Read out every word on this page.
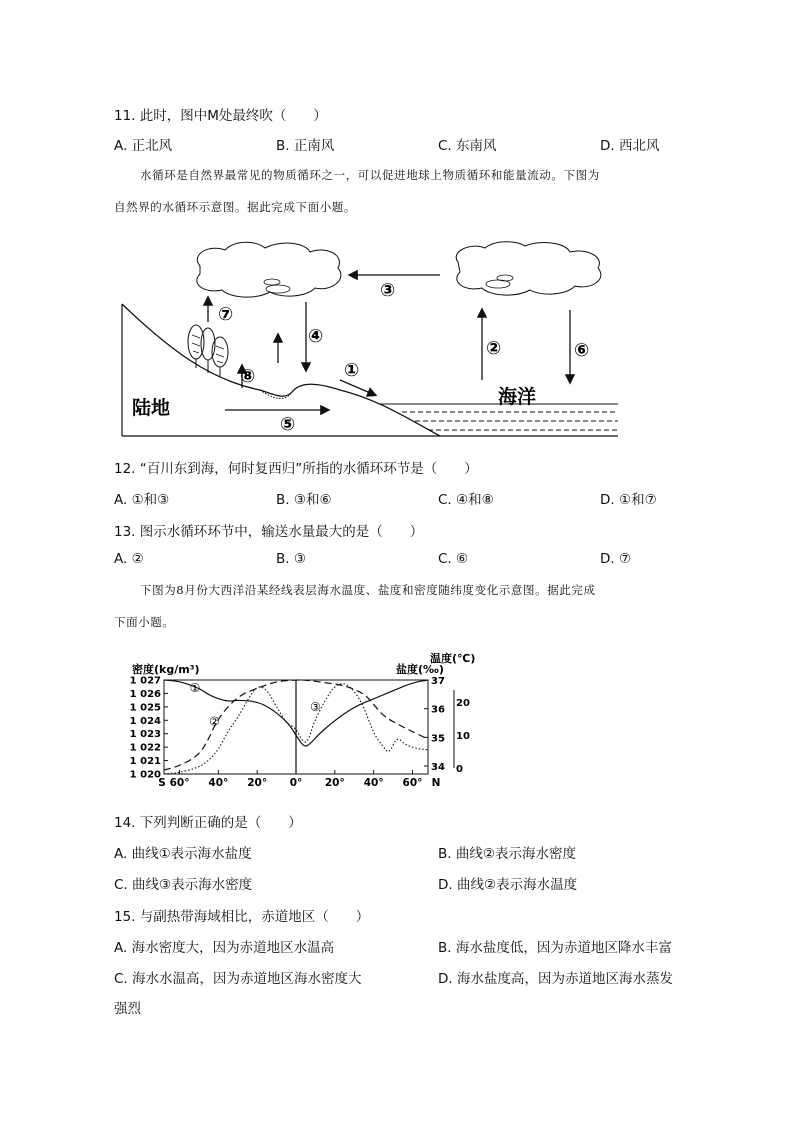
11. 此时，图中M处最终吹（　　）
A. 正北风	B. 正南风	C. 东南风	D. 西北风
水循环是自然界最常见的物质循环之一，可以促进地球上物质循环和能量流动。下图为
自然界的水循环示意图。据此完成下面小题。
⑦
③
④
⑧	①
⑤
②	⑥
陆地	海洋
12. “百川东到海，何时复西归”所指的水循环环节是（　　）
A. ①和③	B. ③和⑥	C. ④和⑧	D. ①和⑦
13. 图示水循环环节中，输送水量最大的是（　　）
A. ②	B. ③	C. ⑥	D. ⑦
下图为8月份大西洋沿某经线表层海水温度、盐度和密度随纬度变化示意图。据此完成
下面小题。
密度(kg/m³)	盐度(‰)
温度(℃)
1 027
1 026
1 025
1 024
1 023
1 022
1 021
1 020
37
36
35
34
20
10
0
S 60° 40° 20° 0° 20° 40° 60° N
①
②
③
14. 下列判断正确的是（　　）
A. 曲线①表示海水盐度	B. 曲线②表示海水密度
C. 曲线③表示海水密度	D. 曲线②表示海水温度
15. 与副热带海域相比，赤道地区（　　）
A. 海水密度大，因为赤道地区水温高	B. 海水盐度低，因为赤道地区降水丰富
C. 海水水温高，因为赤道地区海水密度大	D. 海水盐度高，因为赤道地区海水蒸发
强烈
